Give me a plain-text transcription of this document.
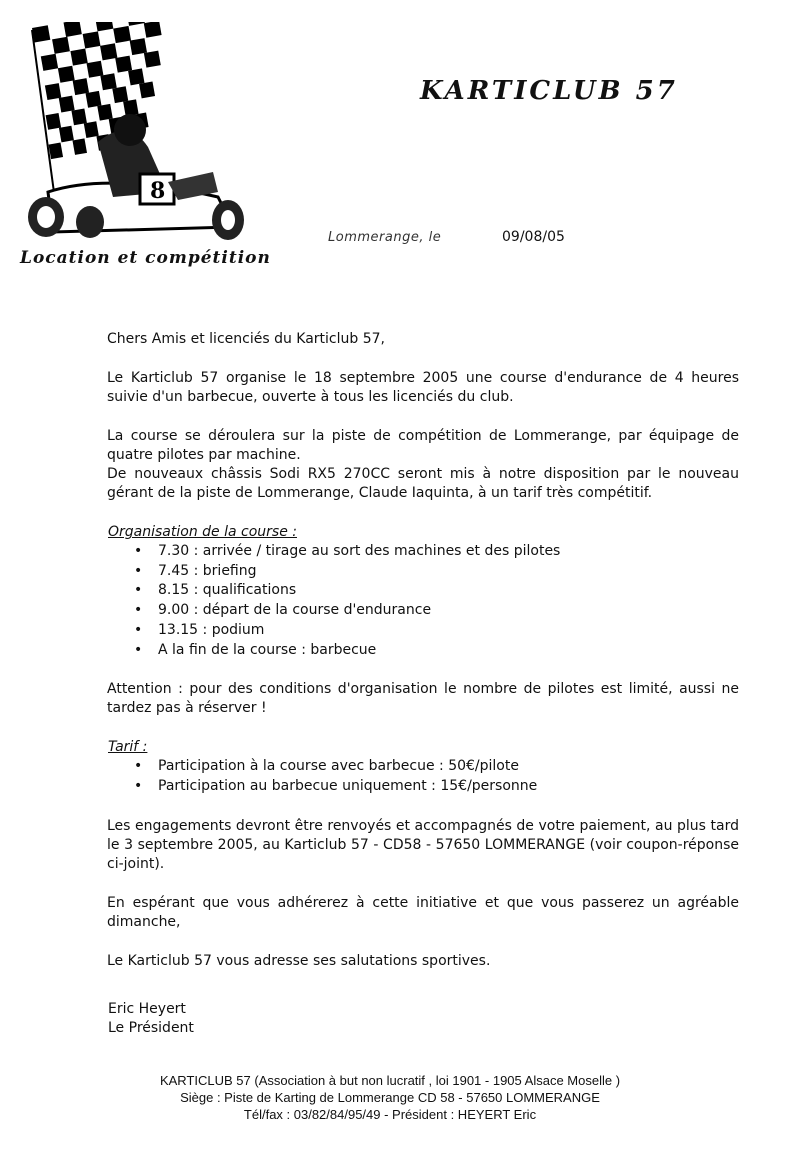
8
Location et compétition
KARTICLUB 57
Lommerange, le	09/08/05

Chers Amis et licenciés du Karticlub 57,

Le Karticlub 57 organise le 18 septembre 2005 une course d'endurance de 4 heures suivie d'un barbecue, ouverte à tous les licenciés du club.

La course se déroulera sur la piste de compétition de Lommerange, par équipage de quatre pilotes par machine.

De nouveaux châssis Sodi RX5 270CC seront mis à notre disposition par le nouveau gérant de la piste de Lommerange, Claude Iaquinta, à un tarif très compétitif.

Organisation de la course :

• 7.30 : arrivée / tirage au sort des machines et des pilotes
• 7.45 : briefing
• 8.15 : qualifications
• 9.00 : départ de la course d'endurance
• 13.15 : podium
• A la fin de la course : barbecue

Attention : pour des conditions d'organisation le nombre de pilotes est limité, aussi ne tardez pas à réserver !

Tarif :

• Participation à la course avec barbecue : 50€/pilote
• Participation au barbecue uniquement : 15€/personne

Les engagements devront être renvoyés et accompagnés de votre paiement, au plus tard le 3 septembre 2005, au Karticlub 57 - CD58 - 57650 LOMMERANGE (voir coupon-réponse ci-joint).

En espérant que vous adhérerez à cette initiative et que vous passerez un agréable dimanche,

Le Karticlub 57 vous adresse ses salutations sportives.

Eric Heyert
Le Président
KARTICLUB 57 (Association à but non lucratif , loi 1901 - 1905 Alsace Moselle )
Siège : Piste de Karting de Lommerange CD 58 - 57650 LOMMERANGE
Tél/fax : 03/82/84/95/49 - Président : HEYERT Eric
